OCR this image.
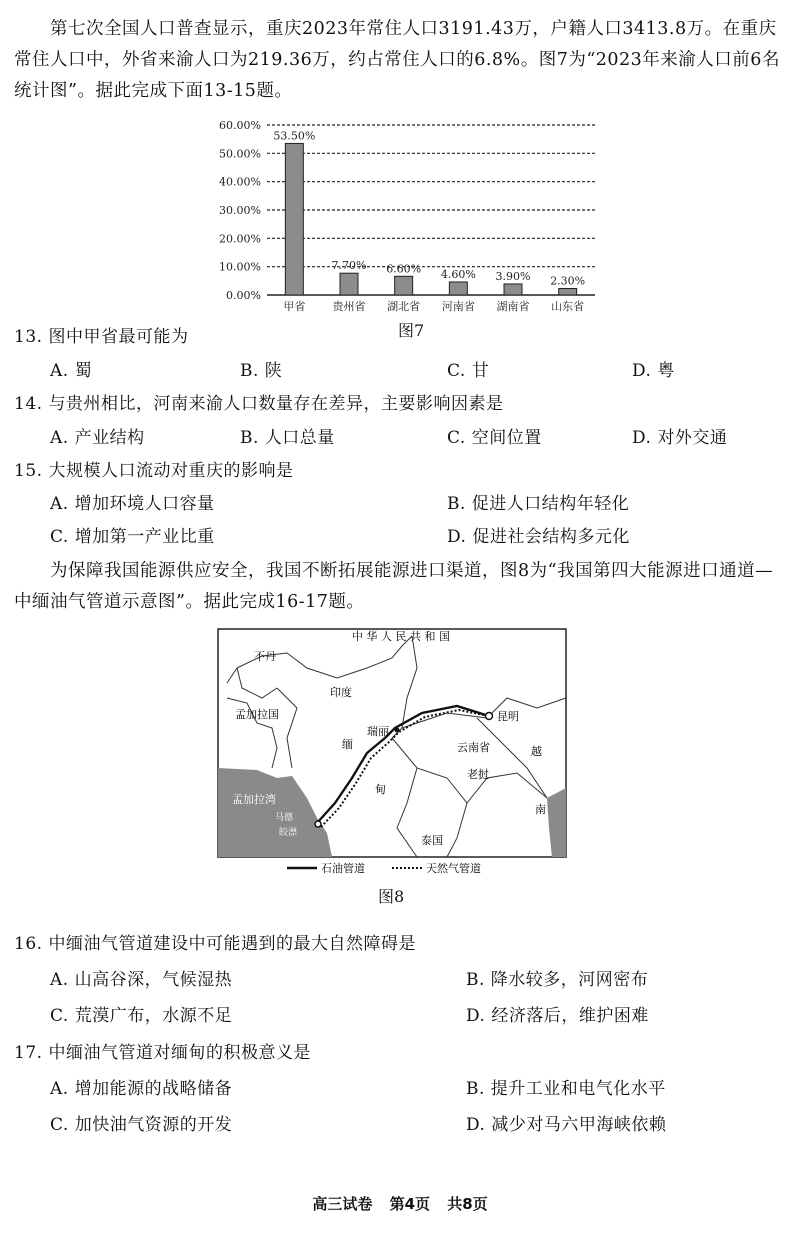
第七次全国人口普查显示，重庆2023年常住人口3191.43万，户籍人口3413.8万。在重庆常住人口中，外省来渝人口为219.36万，约占常住人口的6.8%。图7为“2023年来渝人口前6名统计图”。据此完成下面13-15题。
0.00%
10.00%
20.00%
30.00%
40.00%
50.00%
60.00%
53.50%
甲省
7.70%
贵州省
6.60%
湖北省
4.60%
河南省
3.90%
湖南省
2.30%
山东省
图7
13. 图中甲省最可能为
A. 蜀	B. 陕	C. 甘	D. 粤
14. 与贵州相比，河南来渝人口数量存在差异，主要影响因素是
A. 产业结构	B. 人口总量	C. 空间位置	D. 对外交通
15. 大规模人口流动对重庆的影响是
A. 增加环境人口容量	B. 促进人口结构年轻化
C. 增加第一产业比重	D. 促进社会结构多元化
为保障我国能源供应安全，我国不断拓展能源进口渠道，图8为“我国第四大能源进口通道—中缅油气管道示意图”。据此完成16-17题。
中 华 人 民 共 和 国
不丹
印度
孟加拉国
瑞丽
昆明
缅
甸
云南省	越
南
老挝
泰国
孟加拉湾
马德
皎漂
石油管道	天然气管道
图8
16. 中缅油气管道建设中可能遇到的最大自然障碍是
A. 山高谷深，气候湿热	B. 降水较多，河网密布
C. 荒漠广布，水源不足	D. 经济落后，维护困难
17. 中缅油气管道对缅甸的积极意义是
A. 增加能源的战略储备	B. 提升工业和电气化水平
C. 加快油气资源的开发	D. 减少对马六甲海峡依赖
高三试卷 第4页 共8页
